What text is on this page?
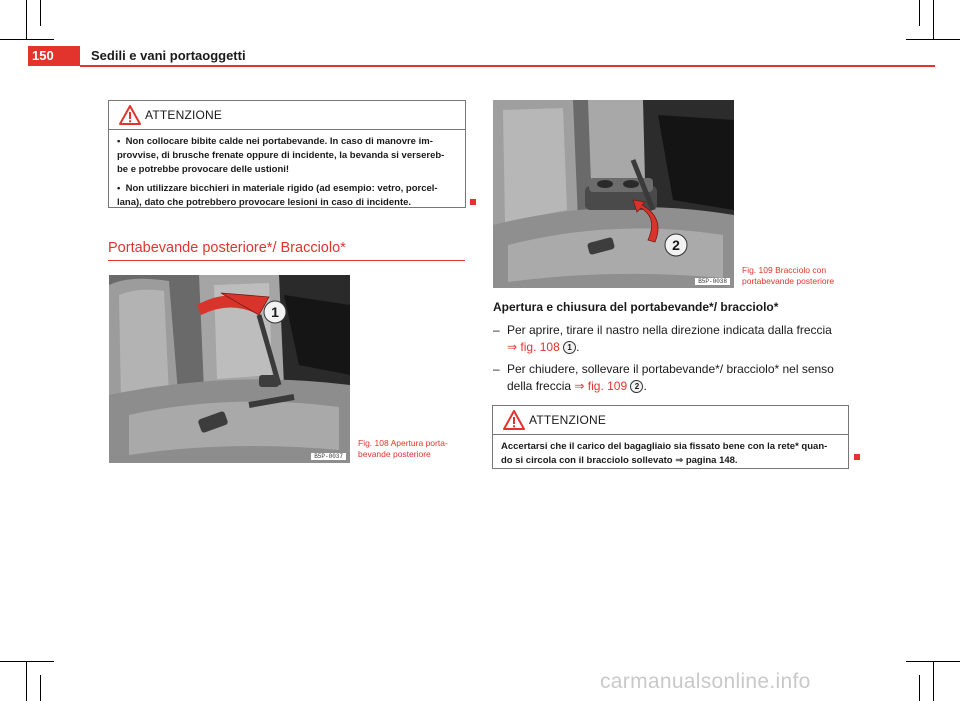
150	Sedili e vani portaoggetti
ATTENZIONE

•  Non collocare bibite calde nei portabevande. In caso di manovre im-
provvise, di brusche frenate oppure di incidente, la bevanda si versereb-
be e potrebbe provocare delle ustioni!

•  Non utilizzare bicchieri in materiale rigido (ad esempio: vetro, porcel-
lana), dato che potrebbero provocare lesioni in caso di incidente.

Portabevande posteriore*/ Bracciolo*
1
B5P-0037
Fig. 108 Apertura porta-
bevande posteriore
2
B5P-0038
Fig. 109 Bracciolo con
portabevande posteriore
Apertura e chiusura del portabevande*/ bracciolo*
– Per aprire, tirare il nastro nella direzione indicata dalla freccia
⇒ fig. 108 1 .
– Per chiudere, sollevare il portabevande*/ bracciolo* nel senso
della freccia ⇒ fig. 109 2 .
ATTENZIONE
Accertarsi che il carico del bagagliaio sia fissato bene con la rete* quan-
do si circola con il bracciolo sollevato ⇒ pagina 148.
carmanualsonline.info
